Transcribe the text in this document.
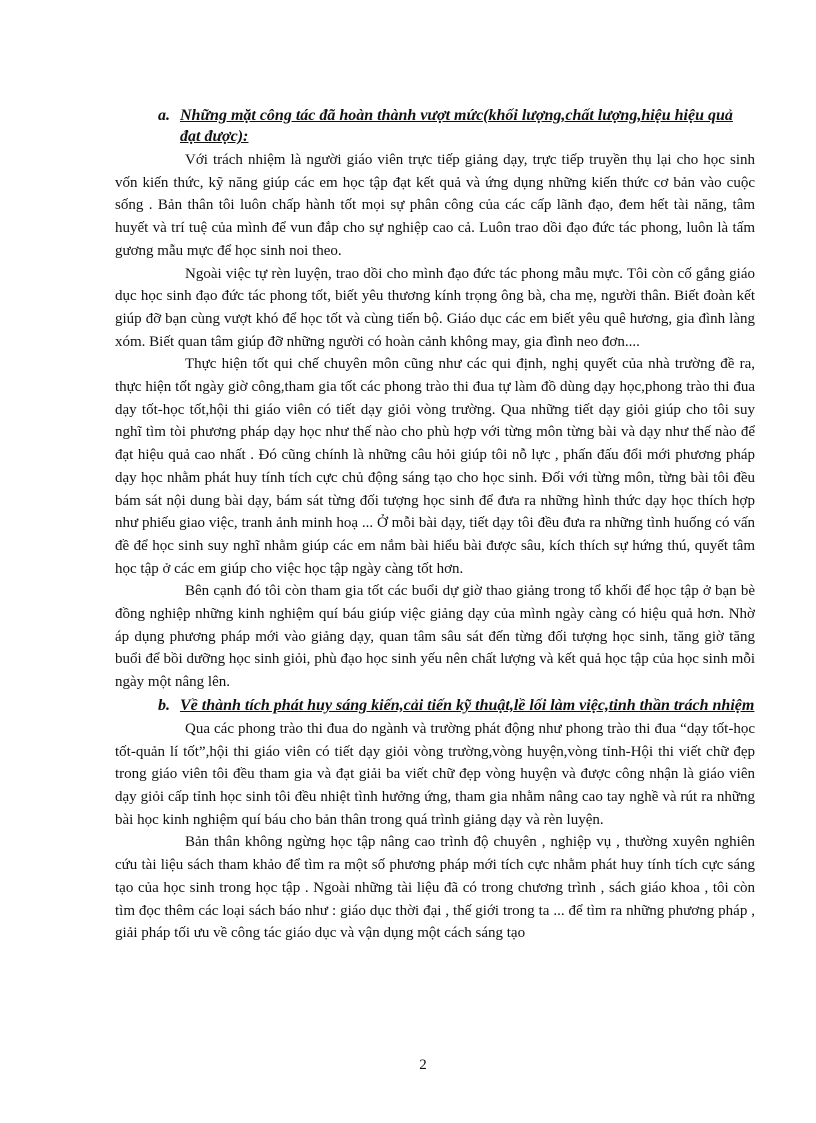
a. Những mặt công tác đã hoàn thành vượt mức(khối lượng,chất lượng,hiệu hiệu quả đạt được):

Với trách nhiệm là người giáo viên trực tiếp giảng dạy, trực tiếp truyền thụ lại cho học sinh vốn kiến thức, kỹ năng giúp các em học tập đạt kết quả và ứng dụng những kiến thức cơ bản vào cuộc sống . Bản thân tôi luôn chấp hành tốt mọi sự phân công của các cấp lãnh đạo, đem hết tài năng, tâm huyết và trí tuệ của mình để vun đắp cho sự nghiệp cao cả. Luôn trao dồi đạo đức tác phong, luôn là tấm gương mẫu mực để học sinh noi theo.

Ngoài việc tự rèn luyện, trao dồi cho mình đạo đức tác phong mẫu mực. Tôi còn cố gắng giáo dục học sinh đạo đức tác phong tốt, biết yêu thương kính trọng ông bà, cha mẹ, người thân. Biết đoàn kết giúp đỡ bạn cùng vượt khó để học tốt và cùng tiến bộ. Giáo dục các em biết yêu quê hương, gia đình làng xóm. Biết quan tâm giúp đỡ những người có hoàn cảnh không may, gia đình neo đơn....

Thực hiện tốt qui chế chuyên môn cũng như các qui định, nghị quyết của nhà trường đề ra, thực hiện tốt ngày giờ công,tham gia tốt các phong trào thi đua tự làm đồ dùng dạy học,phong trào thi đua dạy tốt-học tốt,hội thi giáo viên có tiết dạy giỏi vòng trường. Qua những tiết dạy giỏi giúp cho tôi suy nghĩ tìm tòi phương pháp dạy học như thế nào cho phù hợp với từng môn từng bài và dạy như thế nào để đạt hiệu quả cao nhất . Đó cũng chính là những câu hỏi giúp tôi nỗ lực , phấn đấu đổi mới phương pháp dạy học nhằm phát huy tính tích cực chủ động sáng tạo cho học sinh. Đối với từng môn, từng bài tôi đều bám sát nội dung bài dạy, bám sát từng đối tượng học sinh để đưa ra những hình thức dạy học thích hợp như phiếu giao việc, tranh ảnh minh hoạ ... Ở mỗi bài dạy, tiết dạy tôi đều đưa ra những tình huống có vấn đề để học sinh suy nghĩ nhằm giúp các em nắm bài hiểu bài được sâu, kích thích sự hứng thú, quyết tâm học tập ở các em giúp cho việc học tập ngày càng tốt hơn.

Bên cạnh đó tôi còn tham gia tốt các buổi dự giờ thao giảng trong tổ khối để học tập ở bạn bè đồng nghiệp những kinh nghiệm quí báu giúp việc giảng dạy của mình ngày càng có hiệu quả hơn. Nhờ áp dụng phương pháp mới vào giảng dạy, quan tâm sâu sát đến từng đối tượng học sinh, tăng giờ tăng buổi để bồi dưỡng học sinh giỏi, phù đạo học sinh yếu nên chất lượng và kết quả học tập của học sinh mỗi ngày một nâng lên.

b. Về thành tích phát huy sáng kiến,cải tiến kỹ thuật,lề lối làm việc,tinh thần trách nhiệm

Qua các phong trào thi đua do ngành và trường phát động như phong trào thi đua “dạy tốt-học tốt-quản lí tốt”,hội thi giáo viên có tiết dạy giỏi vòng trường,vòng huyện,vòng tỉnh-Hội thi viết chữ đẹp trong giáo viên tôi đều tham gia và đạt giải ba viết chữ đẹp vòng huyện và được công nhận là giáo viên dạy giỏi cấp tỉnh học sinh tôi đều nhiệt tình hưởng ứng, tham gia nhằm nâng cao tay nghề và rút ra những bài học kinh nghiệm quí báu cho bản thân trong quá trình giảng dạy và rèn luyện.

Bản thân không ngừng học tập nâng cao trình độ chuyên , nghiệp vụ , thường xuyên nghiên cứu tài liệu sách tham khảo để tìm ra một số phương pháp mới tích cực nhằm phát huy tính tích cực sáng tạo của học sinh trong học tập . Ngoài những tài liệu đã có trong chương trình , sách giáo khoa , tôi còn tìm đọc thêm các loại sách báo như : giáo dục thời đại , thế giới trong ta ... để tìm ra những phương pháp , giải pháp tối ưu về công tác giáo dục và vận dụng một cách sáng tạo

2
